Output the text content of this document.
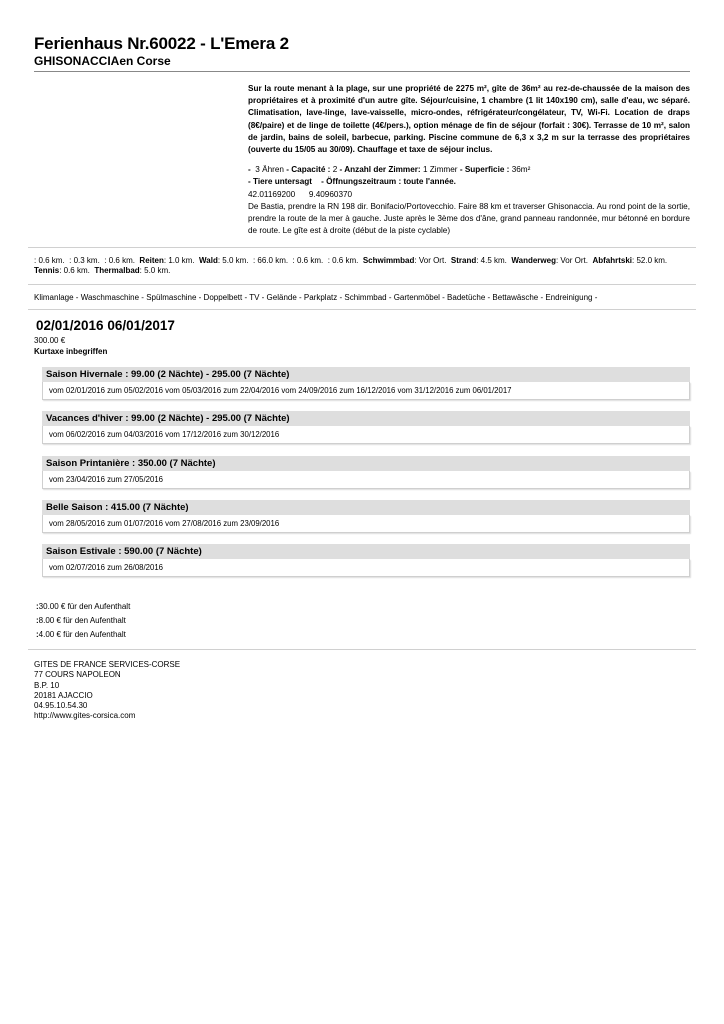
Ferienhaus Nr.60022 - L'Emera 2
GHISONACCIAen Corse
Sur la route menant à la plage, sur une propriété de 2275 m², gîte de 36m² au rez-de-chaussée de la maison des propriétaires et à proximité d'un autre gîte. Séjour/cuisine, 1 chambre (1 lit 140x190 cm), salle d'eau, wc séparé. Climatisation, lave-linge, lave-vaisselle, micro-ondes, réfrigérateur/congélateur, TV, Wi-Fi. Location de draps (8€/paire) et de linge de toilette (4€/pers.), option ménage de fin de séjour (forfait : 30€). Terrasse de 10 m², salon de jardin, bains de soleil, barbecue, parking. Piscine commune de 6,3 x 3,2 m sur la terrasse des propriétaires (ouverte du 15/05 au 30/09). Chauffage et taxe de séjour inclus.
- 3 Ähren - Capacité : 2 - Anzahl der Zimmer: 1 Zimmer - Superficie : 36m²
- Tiere untersagt - Öffnungszeitraum : toute l'année.
42.01169200 9.40960370
De Bastia, prendre la RN 198 dir. Bonifacio/Portovecchio. Faire 88 km et traverser Ghisonaccia. Au rond point de la sortie, prendre la route de la mer à gauche. Juste après le 3ème dos d'âne, grand panneau randonnée, mur bétonné en bordure de route. Le gîte est à droite (début de la piste cyclable)
: 0.6 km. : 0.3 km. : 0.6 km. Reiten: 1.0 km. Wald: 5.0 km. : 66.0 km. : 0.6 km. : 0.6 km. Schwimmbad: Vor Ort. Strand: 4.5 km. Wanderweg: Vor Ort. Abfahrtski: 52.0 km.  Tennis: 0.6 km. Thermalbad: 5.0 km.
Klimanlage - Waschmaschine - Spülmaschine - Doppelbett - TV - Gelände - Parkplatz - Schimmbad - Gartenmöbel - Badetüche - Bettawäsche - Endreinigung -
02/01/2016 06/01/2017
300.00 €
Kurtaxe inbegriffen
Saison Hivernale : 99.00 (2 Nächte) - 295.00 (7 Nächte)
vom 02/01/2016 zum 05/02/2016 vom 05/03/2016 zum 22/04/2016 vom 24/09/2016 zum 16/12/2016 vom 31/12/2016 zum 06/01/2017
Vacances d'hiver : 99.00 (2 Nächte) - 295.00 (7 Nächte)
vom 06/02/2016 zum 04/03/2016 vom 17/12/2016 zum 30/12/2016
Saison Printanière : 350.00 (7 Nächte)
vom 23/04/2016 zum 27/05/2016
Belle Saison : 415.00 (7 Nächte)
vom 28/05/2016 zum 01/07/2016 vom 27/08/2016 zum 23/09/2016
Saison Estivale : 590.00 (7 Nächte)
vom 02/07/2016 zum 26/08/2016
:30.00 € für den Aufenthalt
:8.00 € für den Aufenthalt
:4.00 € für den Aufenthalt
GITES DE FRANCE SERVICES-CORSE
77 COURS NAPOLEON
B.P. 10
20181 AJACCIO
04.95.10.54.30
http://www.gites-corsica.com
